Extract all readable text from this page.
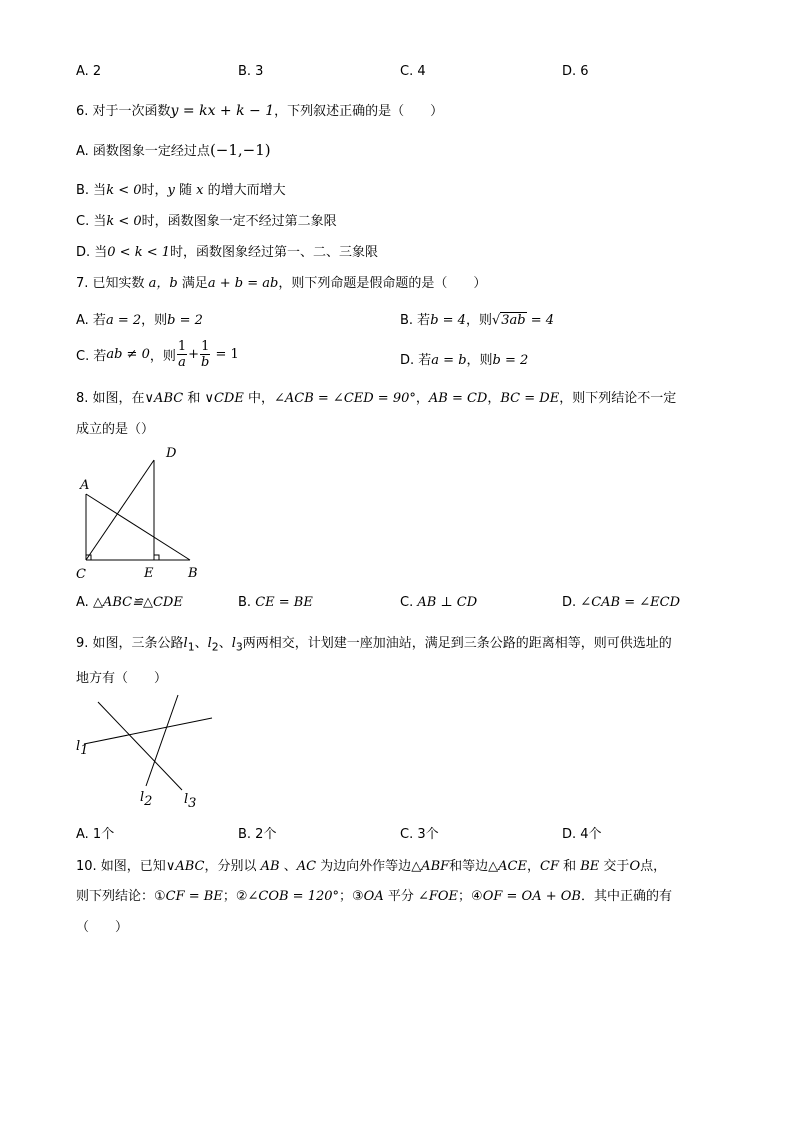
A. 2	B. 3	C. 4	D. 6
6. 对于一次函数y = kx + k − 1，下列叙述正确的是（　　）
A. 函数图象一定经过点(−1,−1)
B. 当k < 0时，y 随 x 的增大而增大
C. 当k < 0时，函数图象一定不经过第二象限
D. 当0 < k < 1时，函数图象经过第一、二、三象限
7. 已知实数 a，b 满足a + b = ab，则下列命题是假命题的是（　　）
A. 若a = 2，则b = 2	B. 若b = 4，则√3ab = 4
C. 若ab ≠ 0，则 $\frac{1}{a} + \frac{1}{b} = 1$	D. 若a = b，则b = 2
8. 如图，在∨ABC 和 ∨CDE 中，∠ACB = ∠CED = 90°，AB = CD，BC = DE，则下列结论不一定
成立的是（）
D
A
C	E	B
A. △ABC≌△CDE	B. CE = BE	C. AB ⊥ CD	D. ∠CAB = ∠ECD
9. 如图，三条公路$l_1$、$l_2$、$l_3$两两相交，计划建一座加油站，满足到三条公路的距离相等，则可供选址的
地方有（　　）
l1
l2 l3
A. 1个	B. 2个	C. 3个	D. 4个
10. 如图，已知∨ABC，分别以 AB 、AC 为边向外作等边△ABF和等边△ACE，CF 和 BE 交于O点，
则下列结论：①CF = BE；②∠COB = 120°；③OA 平分 ∠FOE；④OF = OA + OB．其中正确的有
（　　）
